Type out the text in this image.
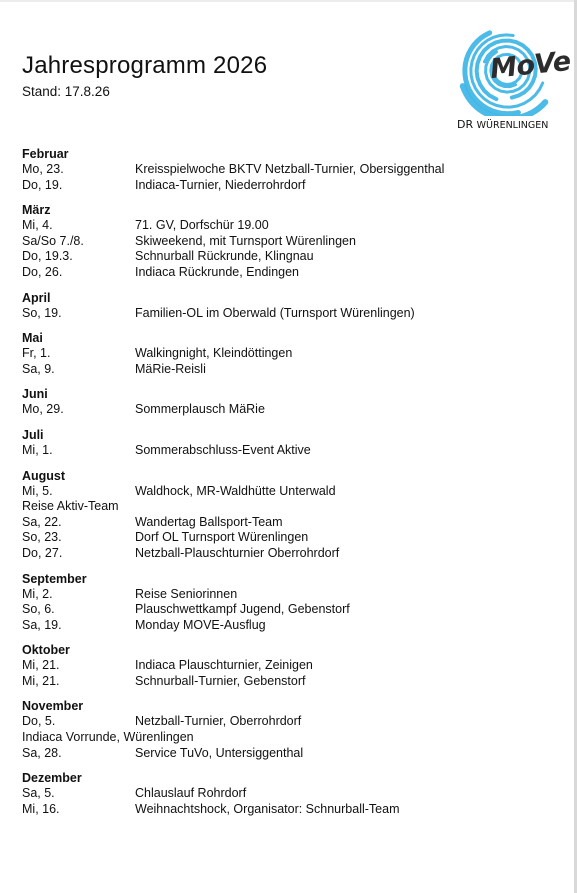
Jahresprogramm 2026
Stand: 17.8.26
MoVe
DR WÜRENLINGEN
Februar
Mo, 23.	Kreisspielwoche BKTV Netzball-Turnier, Obersiggenthal
Do, 19.	Indiaca-Turnier, Niederrohrdorf
März
Mi, 4.	71. GV, Dorfschür 19.00
Sa/So 7./8.	Skiweekend, mit Turnsport Würenlingen
Do, 19.3.	Schnurball Rückrunde, Klingnau
Do, 26.	Indiaca Rückrunde, Endingen
April
So, 19.	Familien-OL im Oberwald (Turnsport Würenlingen)
Mai
Fr, 1.	Walkingnight, Kleindöttingen
Sa, 9.	MäRie-Reisli
Juni
Mo, 29.	Sommerplausch MäRie
Juli
Mi, 1.	Sommerabschluss-Event Aktive
August
Mi, 5.	Waldhock, MR-Waldhütte Unterwald
Reise Aktiv-Team
Sa, 22.	Wandertag Ballsport-Team
So, 23.	Dorf OL Turnsport Würenlingen
Do, 27.	Netzball-Plauschturnier Oberrohrdorf
September
Mi, 2.	Reise Seniorinnen
So, 6.	Plauschwettkampf Jugend, Gebenstorf
Sa, 19.	Monday MOVE-Ausflug
Oktober
Mi, 21.	Indiaca Plauschturnier, Zeinigen
Mi, 21.	Schnurball-Turnier, Gebenstorf
November
Do, 5.	Netzball-Turnier, Oberrohrdorf
Indiaca Vorrunde, Würenlingen
Sa, 28.	Service TuVo, Untersiggenthal
Dezember
Sa, 5.	Chlauslauf Rohrdorf
Mi, 16.	Weihnachtshock, Organisator: Schnurball-Team
